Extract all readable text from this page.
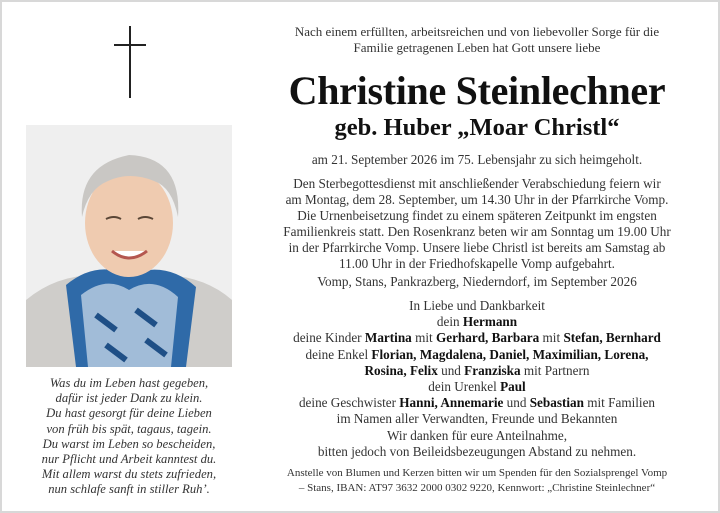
Was du im Leben hast gegeben,
dafür ist jeder Dank zu klein.
Du hast gesorgt für deine Lieben
von früh bis spät, tagaus, tagein.
Du warst im Leben so bescheiden,
nur Pflicht und Arbeit kanntest du.
Mit allem warst du stets zufrieden,
nun schlafe sanft in stiller Ruh’.
Nach einem erfüllten, arbeitsreichen und von liebevoller Sorge für die
Familie getragenen Leben hat Gott unsere liebe
Christine Steinlechner
geb. Huber „Moar Christl“
am 21. September 2026 im 75. Lebensjahr zu sich heimgeholt.
Den Sterbegottesdienst mit anschließender Verabschiedung feiern wir
am Montag, dem 28. September, um 14.30 Uhr in der Pfarrkirche Vomp.
Die Urnenbeisetzung findet zu einem späteren Zeitpunkt im engsten
Familienkreis statt. Den Rosenkranz beten wir am Sonntag um 19.00 Uhr
in der Pfarrkirche Vomp. Unsere liebe Christl ist bereits am Samstag ab
11.00 Uhr in der Friedhofskapelle Vomp aufgebahrt.
Vomp, Stans, Pankrazberg, Niederndorf, im September 2026
In Liebe und Dankbarkeit
dein Hermann
deine Kinder Martina mit Gerhard, Barbara mit Stefan, Bernhard
deine Enkel Florian, Magdalena, Daniel, Maximilian, Lorena,
Rosina, Felix und Franziska mit Partnern
dein Urenkel Paul
deine Geschwister Hanni, Annemarie und Sebastian mit Familien
im Namen aller Verwandten, Freunde und Bekannten
Wir danken für eure Anteilnahme,
bitten jedoch von Beileidsbezeugungen Abstand zu nehmen.
Anstelle von Blumen und Kerzen bitten wir um Spenden für den Sozialsprengel Vomp
– Stans, IBAN: AT97 3632 2000 0302 9220, Kennwort: „Christine Steinlechner“
